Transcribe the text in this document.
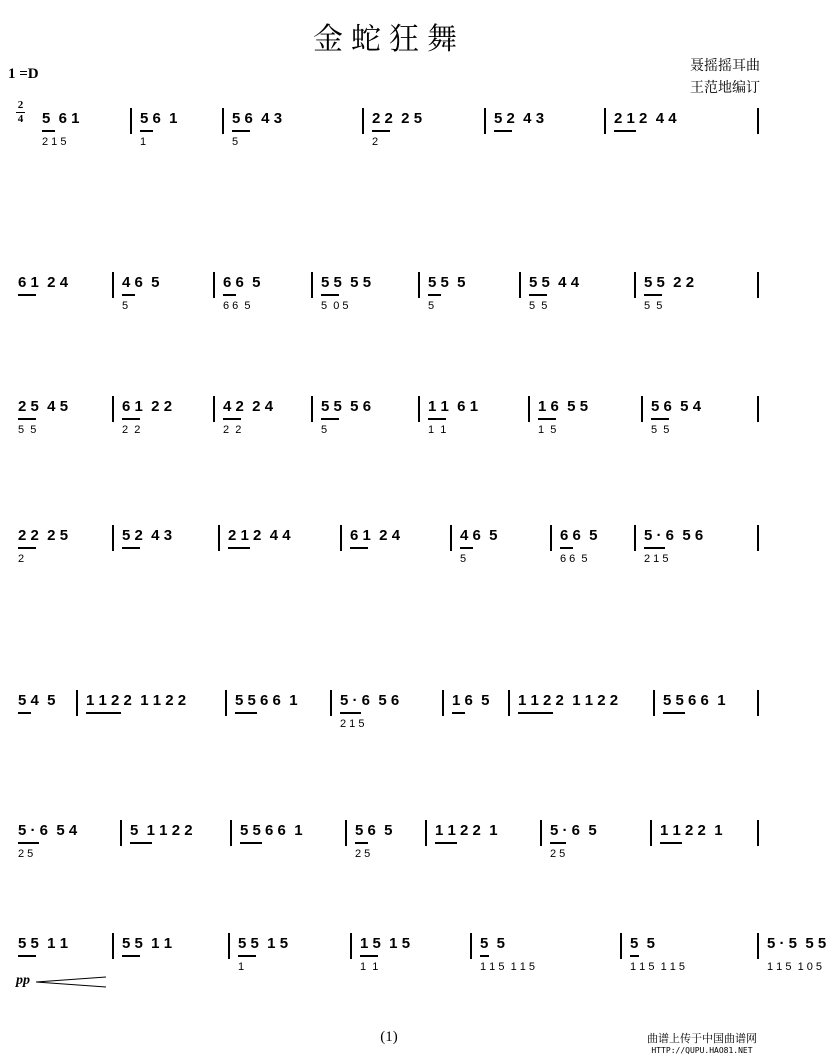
金蛇狂舞
聂摇摇耳曲
王范地编订
1 =D
2
4 5  6 1
2 1 5
5 6  1
1
5 6  4 3
5
2 2  2 5
2
5 2  4 3	2 1 2  4 4
6 1  2 4	4 6  5
5
6 6  5
6 6  5
5 5  5 5
5  0 5
5 5  5
5
5 5  4 4
5  5
5 5  2 2
5  5
2 5  4 5
5  5
6 1  2 2
2  2
4 2  2 4
2  2
5 5  5 6
5
1 1  6 1
1  1
1 6  5 5
1  5
5 6  5 4
5  5
2 2  2 5
2
5 2  4 3	2 1 2  4 4	6 1  2 4	4 6  5
5
6 6  5
6 6  5
5 · 6  5 6
2 1 5
5 4  5 1 1 2 2  1 1 2 2	5 5 6 6  1	5 · 6  5 6
2 1 5
1 6  5 1 1 2 2  1 1 2 2	5 5 6 6  1
5 · 6  5 4
2 5
5  1 1 2 2	5 5 6 6  1	5 6  5
2 5
1 1 2 2  1	5 · 6  5
2 5
1 1 2 2  1
5 5  1 1	5 5  1 1	5 5  1 5
1
1 5  1 5
1  1
5  5
1 1 5  1 1 5
5  5
1 1 5  1 1 5
5 · 5  5 5
1 1 5  1 0 5
pp
(1)	曲谱上传于中国曲谱网
HTTP://QUPU.HAO81.NET
